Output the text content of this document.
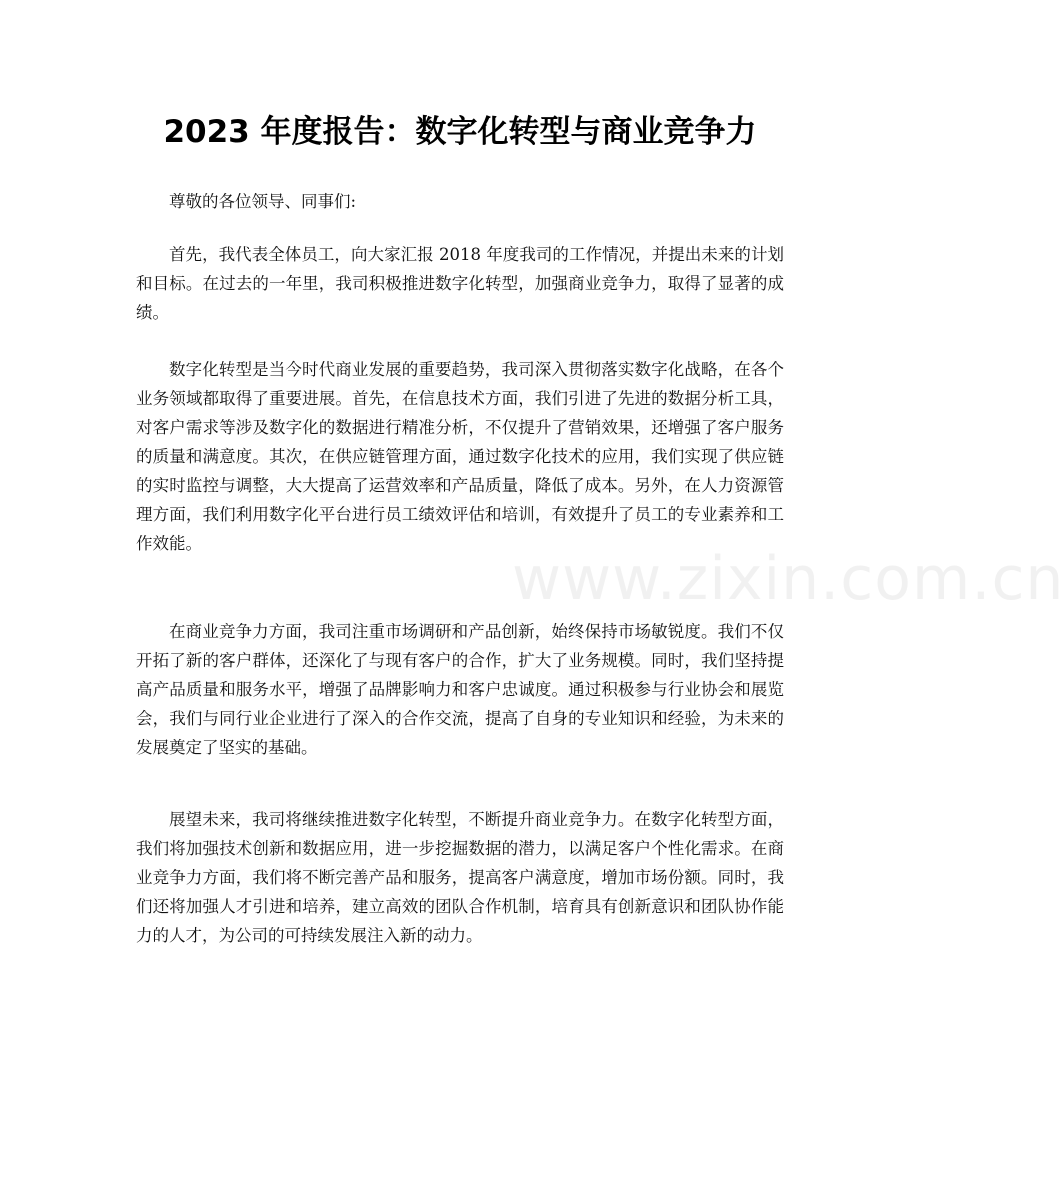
2023 年度报告：数字化转型与商业竞争力

尊敬的各位领导、同事们:

首先，我代表全体员工，向大家汇报 2018 年度我司的工作情况，并提出未来的计划和目标。在过去的一年里，我司积极推进数字化转型，加强商业竞争力，取得了显著的成绩。

数字化转型是当今时代商业发展的重要趋势，我司深入贯彻落实数字化战略，在各个业务领域都取得了重要进展。首先，在信息技术方面，我们引进了先进的数据分析工具，对客户需求等涉及数字化的数据进行精准分析，不仅提升了营销效果，还增强了客户服务的质量和满意度。其次，在供应链管理方面，通过数字化技术的应用，我们实现了供应链的实时监控与调整，大大提高了运营效率和产品质量，降低了成本。另外，在人力资源管理方面，我们利用数字化平台进行员工绩效评估和培训，有效提升了员工的专业素养和工作效能。

在商业竞争力方面，我司注重市场调研和产品创新，始终保持市场敏锐度。我们不仅开拓了新的客户群体，还深化了与现有客户的合作，扩大了业务规模。同时，我们坚持提高产品质量和服务水平，增强了品牌影响力和客户忠诚度。通过积极参与行业协会和展览会，我们与同行业企业进行了深入的合作交流，提高了自身的专业知识和经验，为未来的发展奠定了坚实的基础。

展望未来，我司将继续推进数字化转型，不断提升商业竞争力。在数字化转型方面，我们将加强技术创新和数据应用，进一步挖掘数据的潜力，以满足客户个性化需求。在商业竞争力方面，我们将不断完善产品和服务，提高客户满意度，增加市场份额。同时，我们还将加强人才引进和培养，建立高效的团队合作机制，培育具有创新意识和团队协作能力的人才，为公司的可持续发展注入新的动力。

www.zixin.com.cn
